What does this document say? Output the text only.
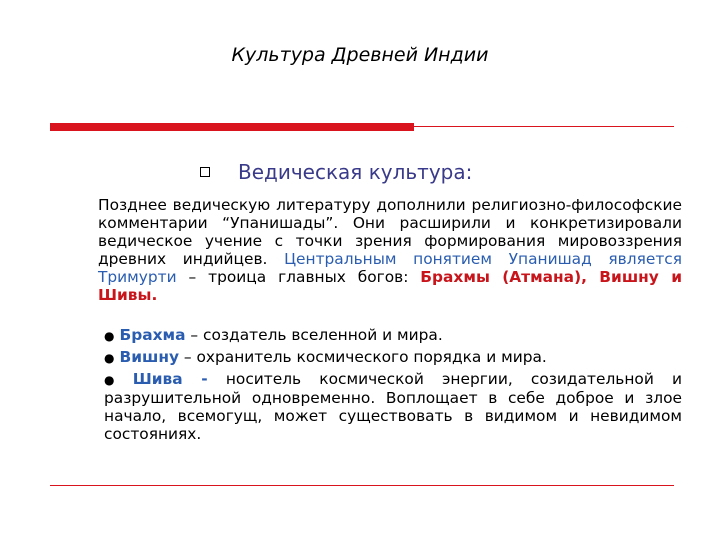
Культура Древней Индии
Ведическая культура:

Позднее ведическую литературу дополнили религиозно-философские комментарии “Упанишады”. Они расширили и конкретизировали ведическое учение с точки зрения формирования мировоззрения древних индийцев. Центральным понятием Упанишад является Тримурти – троица главных богов: Брахмы (Атмана), Вишну и Шивы.

● Брахма – создатель вселенной и мира.
● Вишну – охранитель космического порядка и мира.
● Шива - носитель космической энергии, созидательной и разрушительной одновременно. Воплощает в себе доброе и злое начало, всемогущ, может существовать в видимом и невидимом состояниях.
